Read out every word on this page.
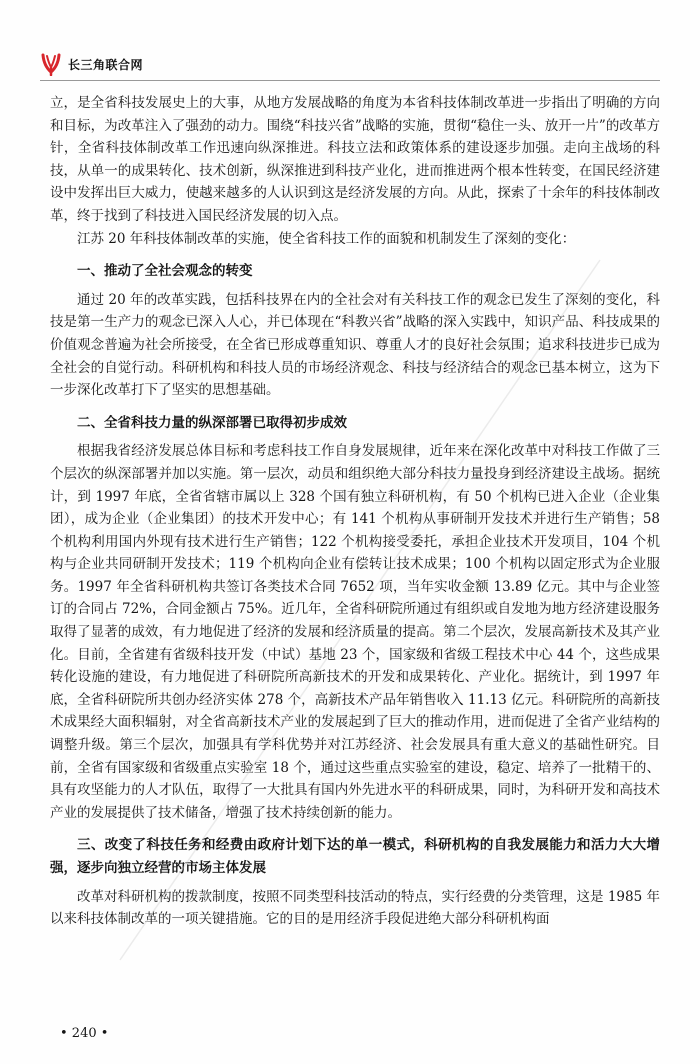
长三角联合网

立，是全省科技发展史上的大事，从地方发展战略的角度为本省科技体制改革进一步指出了明确的方向和目标，为改革注入了强劲的动力。围绕“科技兴省”战略的实施，贯彻“稳住一头、放开一片”的改革方针，全省科技体制改革工作迅速向纵深推进。科技立法和政策体系的建设逐步加强。走向主战场的科技，从单一的成果转化、技术创新，纵深推进到科技产业化，进而推进两个根本性转变，在国民经济建设中发挥出巨大威力，使越来越多的人认识到这是经济发展的方向。从此，探索了十余年的科技体制改革，终于找到了科技进入国民经济发展的切入点。

江苏 20 年科技体制改革的实施，使全省科技工作的面貌和机制发生了深刻的变化：

一、推动了全社会观念的转变

通过 20 年的改革实践，包括科技界在内的全社会对有关科技工作的观念已发生了深刻的变化，科技是第一生产力的观念已深入人心，并已体现在“科教兴省”战略的深入实践中，知识产品、科技成果的价值观念普遍为社会所接受，在全省已形成尊重知识、尊重人才的良好社会氛围；追求科技进步已成为全社会的自觉行动。科研机构和科技人员的市场经济观念、科技与经济结合的观念已基本树立，这为下一步深化改革打下了坚实的思想基础。

二、全省科技力量的纵深部署已取得初步成效

根据我省经济发展总体目标和考虑科技工作自身发展规律，近年来在深化改革中对科技工作做了三个层次的纵深部署并加以实施。第一层次，动员和组织绝大部分科技力量投身到经济建设主战场。据统计，到 1997 年底，全省省辖市属以上 328 个国有独立科研机构，有 50 个机构已进入企业（企业集团），成为企业（企业集团）的技术开发中心；有 141 个机构从事研制开发技术并进行生产销售；58 个机构利用国内外现有技术进行生产销售；122 个机构接受委托，承担企业技术开发项目，104 个机构与企业共同研制开发技术；119 个机构向企业有偿转让技术成果；100 个机构以固定形式为企业服务。1997 年全省科研机构共签订各类技术合同 7652 项，当年实收金额 13.89 亿元。其中与企业签订的合同占 72%，合同金额占 75%。近几年，全省科研院所通过有组织或自发地为地方经济建设服务取得了显著的成效，有力地促进了经济的发展和经济质量的提高。第二个层次，发展高新技术及其产业化。目前，全省建有省级科技开发（中试）基地 23 个，国家级和省级工程技术中心 44 个，这些成果转化设施的建设，有力地促进了科研院所高新技术的开发和成果转化、产业化。据统计，到 1997 年底，全省科研院所共创办经济实体 278 个，高新技术产品年销售收入 11.13 亿元。科研院所的高新技术成果经大面积辐射，对全省高新技术产业的发展起到了巨大的推动作用，进而促进了全省产业结构的调整升级。第三个层次，加强具有学科优势并对江苏经济、社会发展具有重大意义的基础性研究。目前，全省有国家级和省级重点实验室 18 个，通过这些重点实验室的建设，稳定、培养了一批精干的、具有攻坚能力的人才队伍，取得了一大批具有国内外先进水平的科研成果，同时，为科研开发和高技术产业的发展提供了技术储备，增强了技术持续创新的能力。

三、改变了科技任务和经费由政府计划下达的单一模式，科研机构的自我发展能力和活力大大增强，逐步向独立经营的市场主体发展

改革对科研机构的拨款制度，按照不同类型科技活动的特点，实行经费的分类管理，这是 1985 年以来科技体制改革的一项关键措施。它的目的是用经济手段促进绝大部分科研机构面

• 240 •
